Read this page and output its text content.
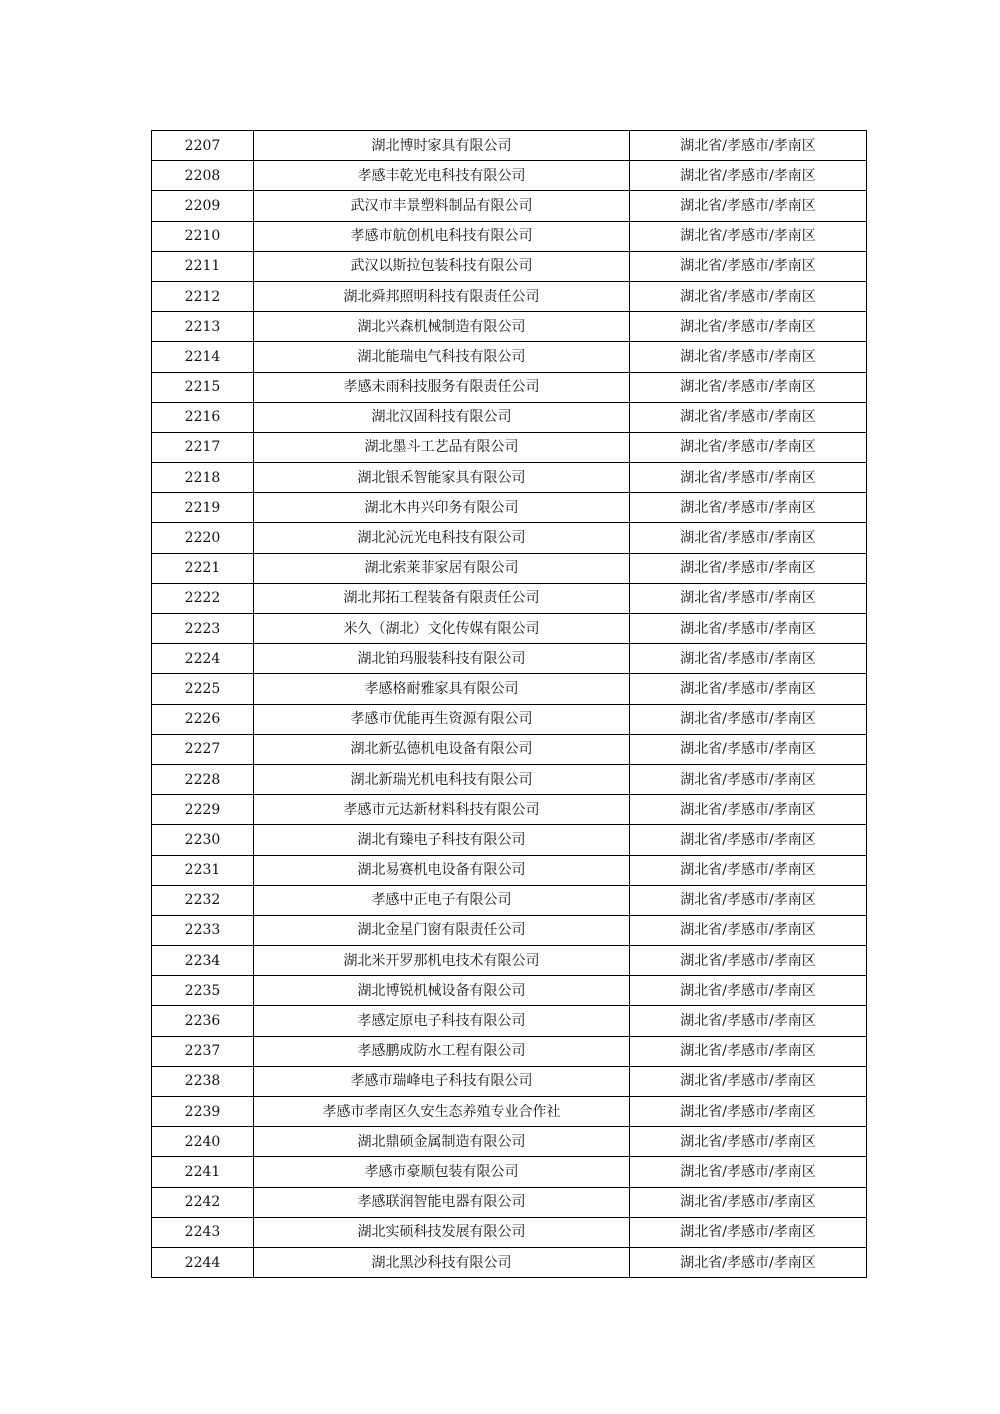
2207	湖北博时家具有限公司	湖北省/孝感市/孝南区
2208	孝感丰乾光电科技有限公司	湖北省/孝感市/孝南区
2209	武汉市丰景塑料制品有限公司	湖北省/孝感市/孝南区
2210	孝感市航创机电科技有限公司	湖北省/孝感市/孝南区
2211	武汉以斯拉包装科技有限公司	湖北省/孝感市/孝南区
2212	湖北舜邦照明科技有限责任公司	湖北省/孝感市/孝南区
2213	湖北兴森机械制造有限公司	湖北省/孝感市/孝南区
2214	湖北能瑞电气科技有限公司	湖北省/孝感市/孝南区
2215	孝感未雨科技服务有限责任公司	湖北省/孝感市/孝南区
2216	湖北汉固科技有限公司	湖北省/孝感市/孝南区
2217	湖北墨斗工艺品有限公司	湖北省/孝感市/孝南区
2218	湖北银禾智能家具有限公司	湖北省/孝感市/孝南区
2219	湖北木冉兴印务有限公司	湖北省/孝感市/孝南区
2220	湖北沁沅光电科技有限公司	湖北省/孝感市/孝南区
2221	湖北索莱菲家居有限公司	湖北省/孝感市/孝南区
2222	湖北邦拓工程装备有限责任公司	湖北省/孝感市/孝南区
2223	米久（湖北）文化传媒有限公司	湖北省/孝感市/孝南区
2224	湖北铂玛服装科技有限公司	湖北省/孝感市/孝南区
2225	孝感格耐雅家具有限公司	湖北省/孝感市/孝南区
2226	孝感市优能再生资源有限公司	湖北省/孝感市/孝南区
2227	湖北新弘德机电设备有限公司	湖北省/孝感市/孝南区
2228	湖北新瑞光机电科技有限公司	湖北省/孝感市/孝南区
2229	孝感市元达新材料科技有限公司	湖北省/孝感市/孝南区
2230	湖北有臻电子科技有限公司	湖北省/孝感市/孝南区
2231	湖北易赛机电设备有限公司	湖北省/孝感市/孝南区
2232	孝感中正电子有限公司	湖北省/孝感市/孝南区
2233	湖北金星门窗有限责任公司	湖北省/孝感市/孝南区
2234	湖北米开罗那机电技术有限公司	湖北省/孝感市/孝南区
2235	湖北博锐机械设备有限公司	湖北省/孝感市/孝南区
2236	孝感定原电子科技有限公司	湖北省/孝感市/孝南区
2237	孝感鹏成防水工程有限公司	湖北省/孝感市/孝南区
2238	孝感市瑞峰电子科技有限公司	湖北省/孝感市/孝南区
2239	孝感市孝南区久安生态养殖专业合作社	湖北省/孝感市/孝南区
2240	湖北鼎硕金属制造有限公司	湖北省/孝感市/孝南区
2241	孝感市豪顺包装有限公司	湖北省/孝感市/孝南区
2242	孝感联润智能电器有限公司	湖北省/孝感市/孝南区
2243	湖北实硕科技发展有限公司	湖北省/孝感市/孝南区
2244	湖北黑沙科技有限公司	湖北省/孝感市/孝南区
